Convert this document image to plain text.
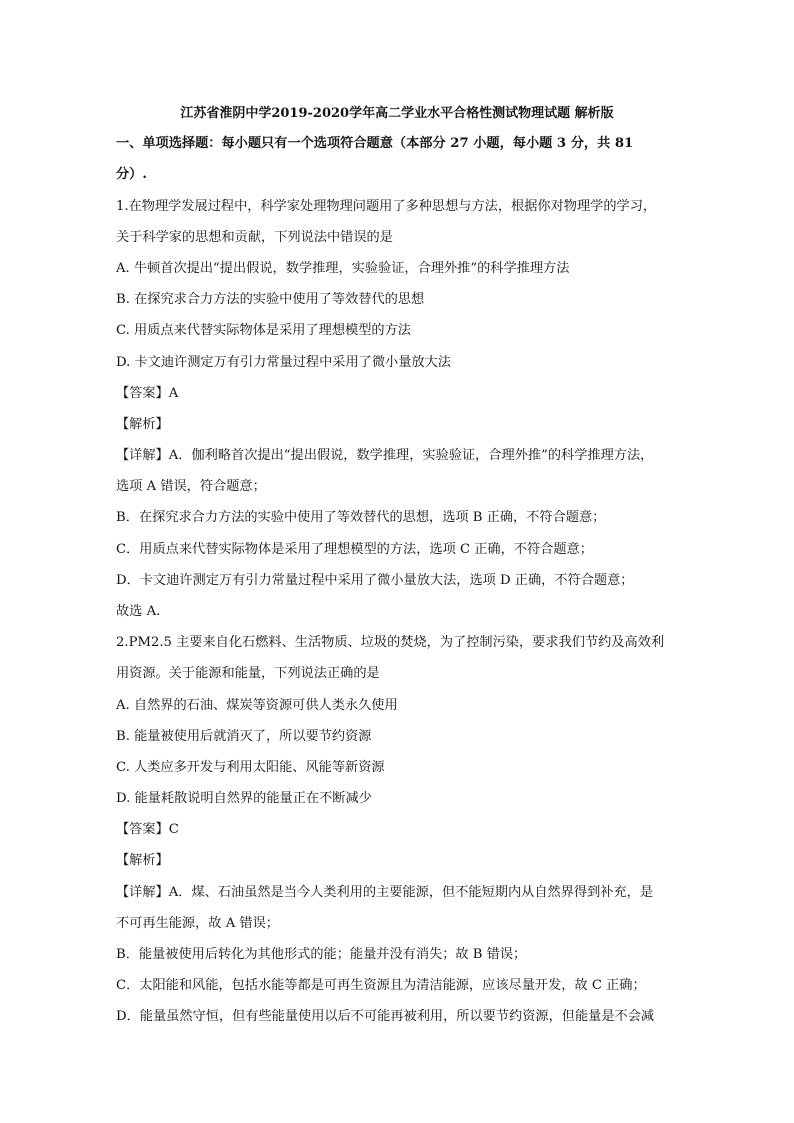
江苏省淮阴中学2019-2020学年高二学业水平合格性测试物理试题 解析版
一、单项选择题：每小题只有一个选项符合题意（本部分 27 小题，每小题 3 分，共 81
分）.
1.在物理学发展过程中，科学家处理物理问题用了多种思想与方法，根据你对物理学的学习，
关于科学家的思想和贡献，下列说法中错误的是
A. 牛顿首次提出“提出假说，数学推理，实验验证，合理外推”的科学推理方法
B. 在探究求合力方法的实验中使用了等效替代的思想
C. 用质点来代替实际物体是采用了理想模型的方法
D. 卡文迪许测定万有引力常量过程中采用了微小量放大法
【答案】A
【解析】
【详解】A．伽利略首次提出“提出假说，数学推理，实验验证，合理外推”的科学推理方法，
选项 A 错误，符合题意；
B．在探究求合力方法的实验中使用了等效替代的思想，选项 B 正确，不符合题意；
C．用质点来代替实际物体是采用了理想模型的方法，选项 C 正确，不符合题意；
D．卡文迪许测定万有引力常量过程中采用了微小量放大法，选项 D 正确，不符合题意；
故选 A.
2.PM2.5 主要来自化石燃料、生活物质、垃圾的焚烧，为了控制污染，要求我们节约及高效利
用资源。关于能源和能量，下列说法正确的是
A. 自然界的石油、煤炭等资源可供人类永久使用
B. 能量被使用后就消灭了，所以要节约资源
C. 人类应多开发与利用太阳能、风能等新资源
D. 能量耗散说明自然界的能量正在不断减少
【答案】C
【解析】
【详解】A．煤、石油虽然是当今人类利用的主要能源，但不能短期内从自然界得到补充，是
不可再生能源，故 A 错误；
B．能量被使用后转化为其他形式的能；能量并没有消失；故 B 错误；
C．太阳能和风能，包括水能等都是可再生资源且为清洁能源，应该尽量开发，故 C 正确；
D．能量虽然守恒，但有些能量使用以后不可能再被利用，所以要节约资源，但能量是不会减
